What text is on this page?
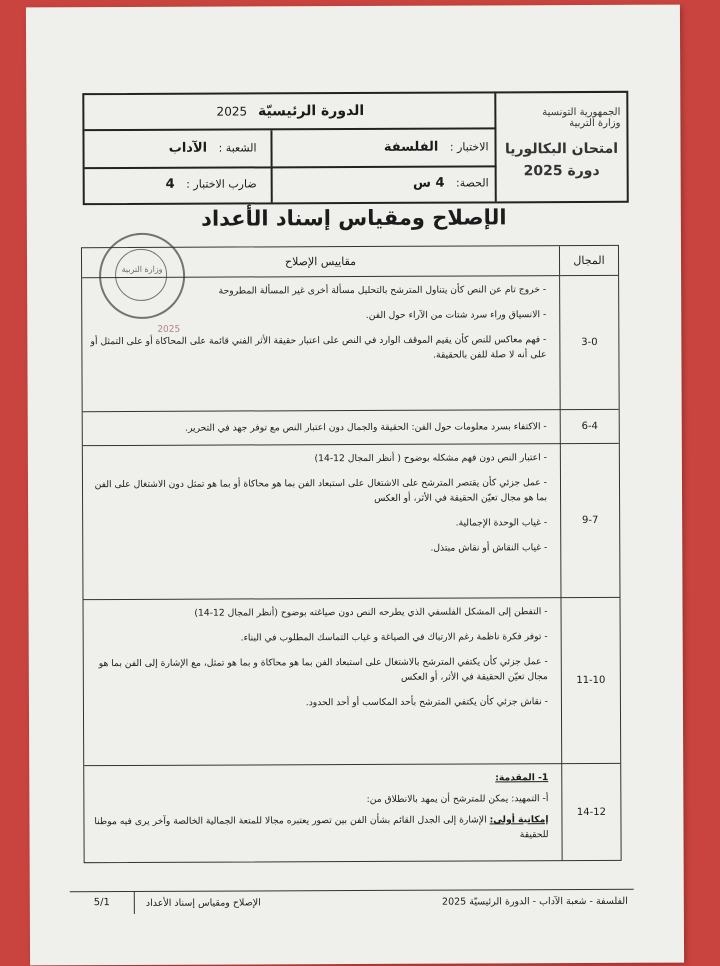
وزارة التربية
2025
الجمهورية التونسية
وزارة التربية
امتحان البكالوريا
دورة 2025
الدورة الرئيسيّة 2025
الاختبار : الفلسفة
الشعبة : الآداب
الحصة: 4 س
ضارب الاختبار : 4
الإصلاح ومقياس إسناد الأعداد
المجال
مقاييس الإصلاح
3-0
- خروج تام عن النص كأن يتناول المترشح بالتحليل مسألة أخرى غير المسألة المطروحة
- الانسياق وراء سرد شتات من الآراء حول الفن.
- فهم معاكس للنص كأن يقيم الموقف الوارد في النص على اعتبار حقيقة الأثر الفني قائمة على المحاكاة أو على التمثل أو على أنه لا صلة للفن بالحقيقة.
6-4
- الاكتفاء بسرد معلومات حول الفن: الحقيقة والجمال دون اعتبار النص مع توفر جهد في التحرير.
9-7
- اعتبار النص دون فهم مشكله بوضوح ( أنظر المجال 12-14)
- عمل جزئي كأن يقتصر المترشح على الاشتغال على استبعاد الفن بما هو محاكاة أو بما هو تمثل دون الاشتغال على الفن بما هو مجال تعيّن الحقيقة في الأثر، أو العكس
- غياب الوحدة الإجمالية.
- غياب النقاش أو نقاش مبتذل.
11-10
- التفطن إلى المشكل الفلسفي الذي يطرحه النص دون صياغته بوضوح (أنظر المجال 12-14)
- توفر فكرة ناظمة رغم الارتباك في الصياغة و غياب التماسك المطلوب في البناء.
- عمل جزئي كأن يكتفي المترشح بالاشتغال على استبعاد الفن بما هو محاكاة و بما هو تمثل، مع الإشارة إلى الفن بما هو مجال تعيّن الحقيقة في الأثر، أو العكس
- نقاش جزئي كأن يكتفي المترشح بأحد المكاسب أو أحد الحدود.
14-12
1- المقدمة:
أ- التمهيد: يمكن للمترشح أن يمهد بالانطلاق من:
إمكانية أولى: الإشارة إلى الجدل القائم بشأن الفن بين تصور يعتبره مجالا للمتعة الجمالية الخالصة وآخر يرى فيه موطنا للحقيقة
الفلسفة - شعبة الآداب - الدورة الرئيسيّة 2025
الإصلاح ومقياس إسناد الأعداد
5/1
